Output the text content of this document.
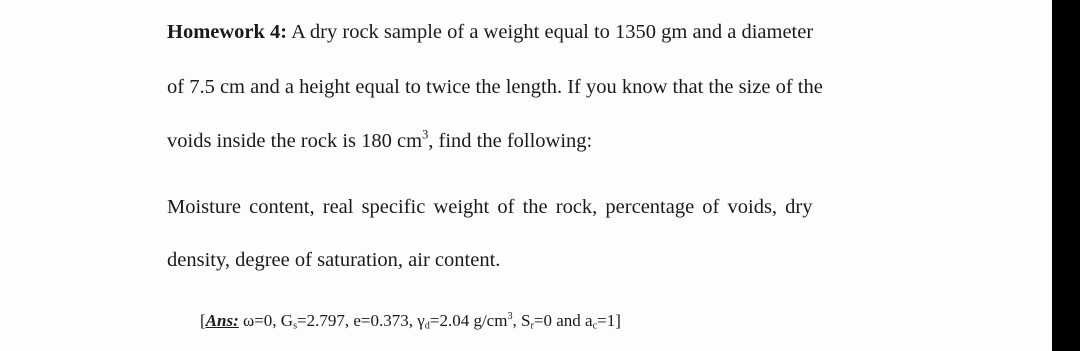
Homework 4: A dry rock sample of a weight equal to 1350 gm and a diameter
of 7.5 cm and a height equal to twice the length. If you know that the size of the
voids inside the rock is 180 $cm^3$, find the following:
Moisture content, real specific weight of the rock, percentage of voids, dry
density, degree of saturation, air content.
[Ans: ω=0, $G_s=2.797$, e=0.373, $\gamma_d=2.04$ $g/cm^3$, $S_r=0$ and $a_c=1$]
